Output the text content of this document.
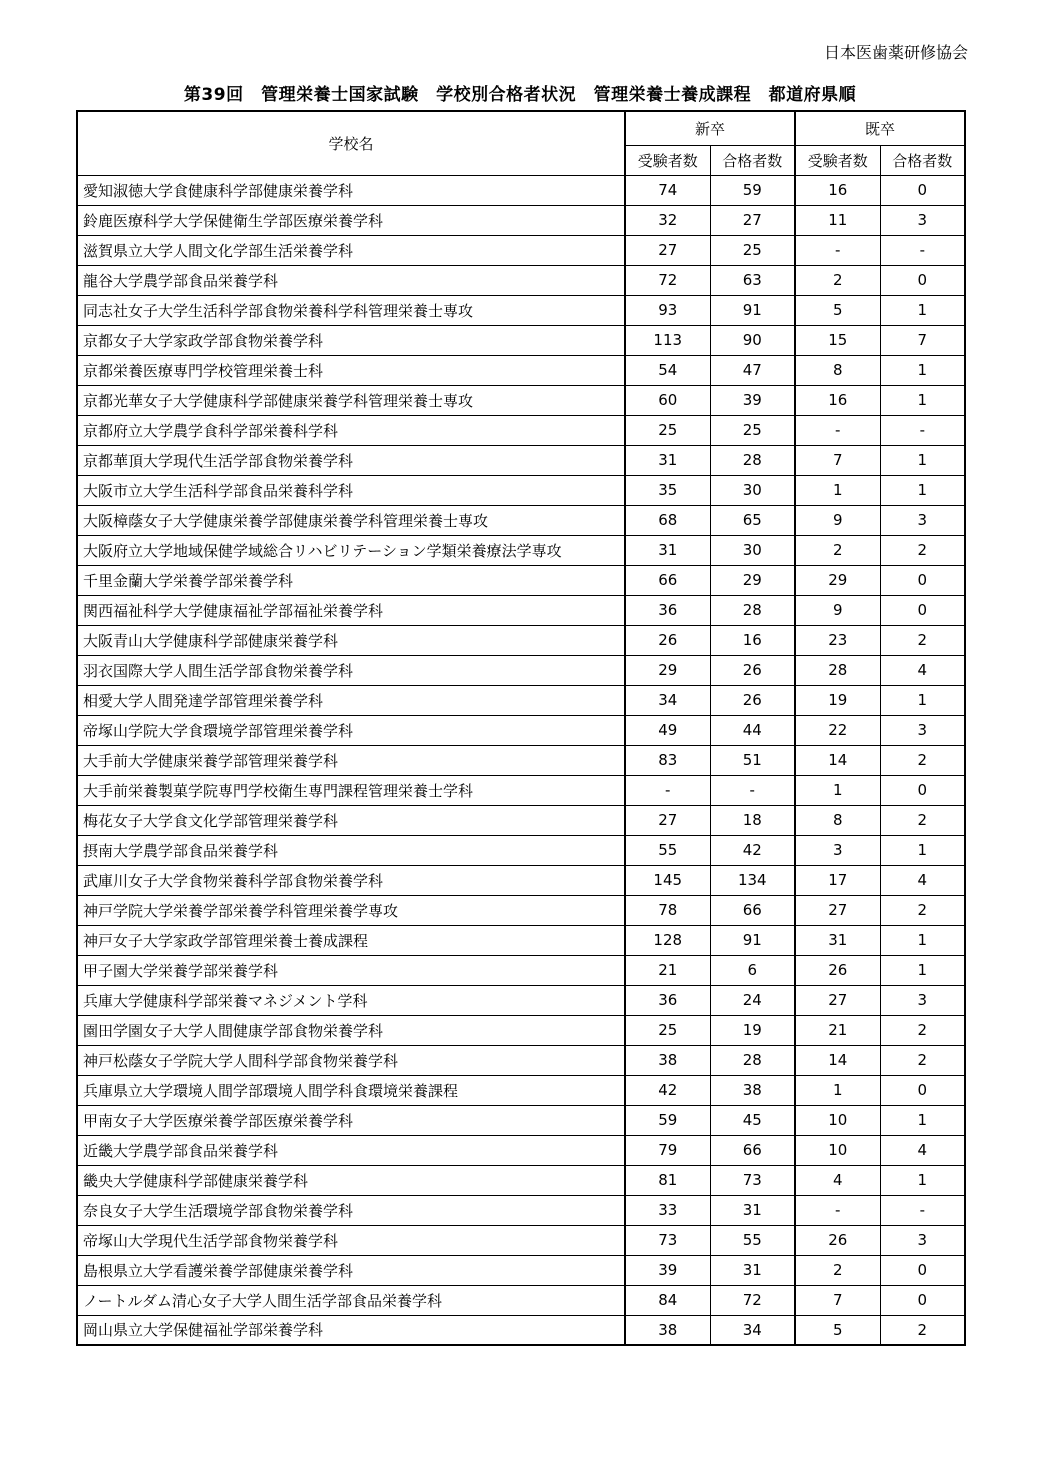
日本医歯薬研修協会
第39回　管理栄養士国家試験　学校別合格者状況　管理栄養士養成課程　都道府県順
学校名	新卒		既卒	
	受験者数	合格者数	受験者数	合格者数
愛知淑徳大学食健康科学部健康栄養学科	74	59	16	0
鈴鹿医療科学大学保健衛生学部医療栄養学科	32	27	11	3
滋賀県立大学人間文化学部生活栄養学科	27	25	-	-
龍谷大学農学部食品栄養学科	72	63	2	0
同志社女子大学生活科学部食物栄養科学科管理栄養士専攻	93	91	5	1
京都女子大学家政学部食物栄養学科	113	90	15	7
京都栄養医療専門学校管理栄養士科	54	47	8	1
京都光華女子大学健康科学部健康栄養学科管理栄養士専攻	60	39	16	1
京都府立大学農学食科学部栄養科学科	25	25	-	-
京都華頂大学現代生活学部食物栄養学科	31	28	7	1
大阪市立大学生活科学部食品栄養科学科	35	30	1	1
大阪樟蔭女子大学健康栄養学部健康栄養学科管理栄養士専攻	68	65	9	3
大阪府立大学地域保健学域総合リハビリテーション学類栄養療法学専攻	31	30	2	2
千里金蘭大学栄養学部栄養学科	66	29	29	0
関西福祉科学大学健康福祉学部福祉栄養学科	36	28	9	0
大阪青山大学健康科学部健康栄養学科	26	16	23	2
羽衣国際大学人間生活学部食物栄養学科	29	26	28	4
相愛大学人間発達学部管理栄養学科	34	26	19	1
帝塚山学院大学食環境学部管理栄養学科	49	44	22	3
大手前大学健康栄養学部管理栄養学科	83	51	14	2
大手前栄養製菓学院専門学校衛生専門課程管理栄養士学科	-	-	1	0
梅花女子大学食文化学部管理栄養学科	27	18	8	2
摂南大学農学部食品栄養学科	55	42	3	1
武庫川女子大学食物栄養科学部食物栄養学科	145	134	17	4
神戸学院大学栄養学部栄養学科管理栄養学専攻	78	66	27	2
神戸女子大学家政学部管理栄養士養成課程	128	91	31	1
甲子園大学栄養学部栄養学科	21	6	26	1
兵庫大学健康科学部栄養マネジメント学科	36	24	27	3
園田学園女子大学人間健康学部食物栄養学科	25	19	21	2
神戸松蔭女子学院大学人間科学部食物栄養学科	38	28	14	2
兵庫県立大学環境人間学部環境人間学科食環境栄養課程	42	38	1	0
甲南女子大学医療栄養学部医療栄養学科	59	45	10	1
近畿大学農学部食品栄養学科	79	66	10	4
畿央大学健康科学部健康栄養学科	81	73	4	1
奈良女子大学生活環境学部食物栄養学科	33	31	-	-
帝塚山大学現代生活学部食物栄養学科	73	55	26	3
島根県立大学看護栄養学部健康栄養学科	39	31	2	0
ノートルダム清心女子大学人間生活学部食品栄養学科	84	72	7	0
岡山県立大学保健福祉学部栄養学科	38	34	5	2
